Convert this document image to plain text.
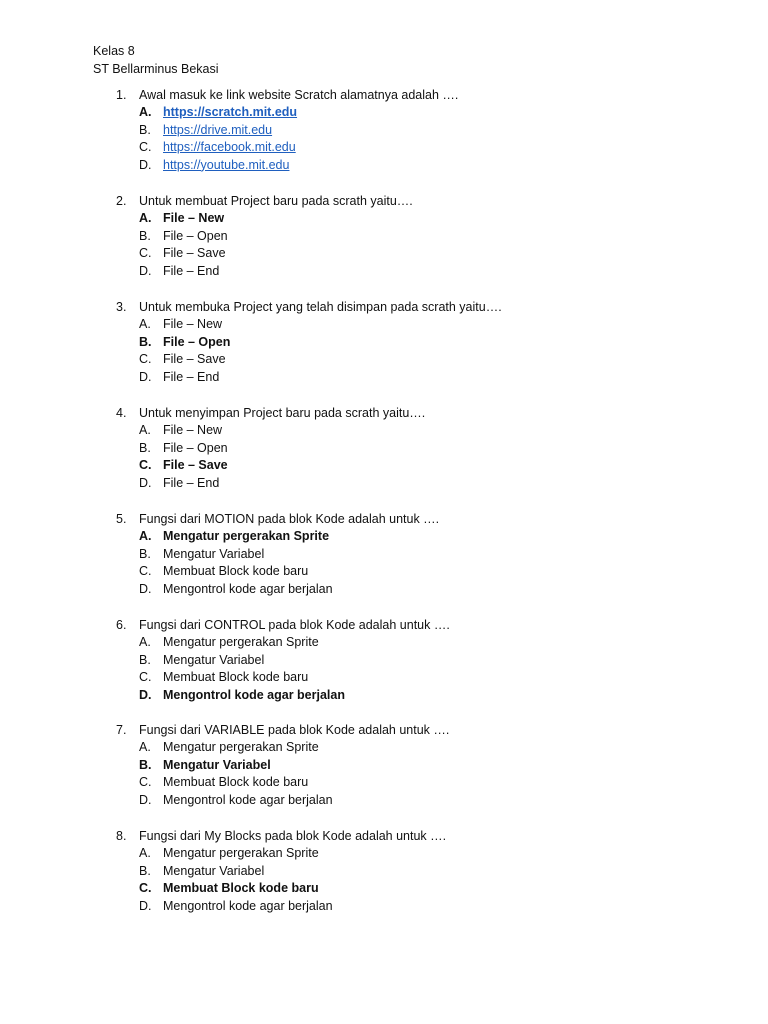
Kelas 8
ST Bellarminus Bekasi
1. Awal masuk ke link website Scratch alamatnya adalah ….
A. https://scratch.mit.edu
B. https://drive.mit.edu
C. https://facebook.mit.edu
D. https://youtube.mit.edu
2. Untuk membuat Project baru pada scrath yaitu….
A. File – New
B. File – Open
C. File – Save
D. File – End
3. Untuk membuka Project yang telah disimpan pada scrath yaitu….
A. File – New
B. File – Open
C. File – Save
D. File – End
4. Untuk menyimpan Project baru pada scrath yaitu….
A. File – New
B. File – Open
C. File – Save
D. File – End
5. Fungsi dari MOTION pada blok Kode adalah untuk ….
A. Mengatur pergerakan Sprite
B. Mengatur Variabel
C. Membuat Block kode baru
D. Mengontrol kode agar berjalan
6. Fungsi dari CONTROL pada blok Kode adalah untuk ….
A. Mengatur pergerakan Sprite
B. Mengatur Variabel
C. Membuat Block kode baru
D. Mengontrol kode agar berjalan
7. Fungsi dari VARIABLE pada blok Kode adalah untuk ….
A. Mengatur pergerakan Sprite
B. Mengatur Variabel
C. Membuat Block kode baru
D. Mengontrol kode agar berjalan
8. Fungsi dari My Blocks pada blok Kode adalah untuk ….
A. Mengatur pergerakan Sprite
B. Mengatur Variabel
C. Membuat Block kode baru
D. Mengontrol kode agar berjalan
